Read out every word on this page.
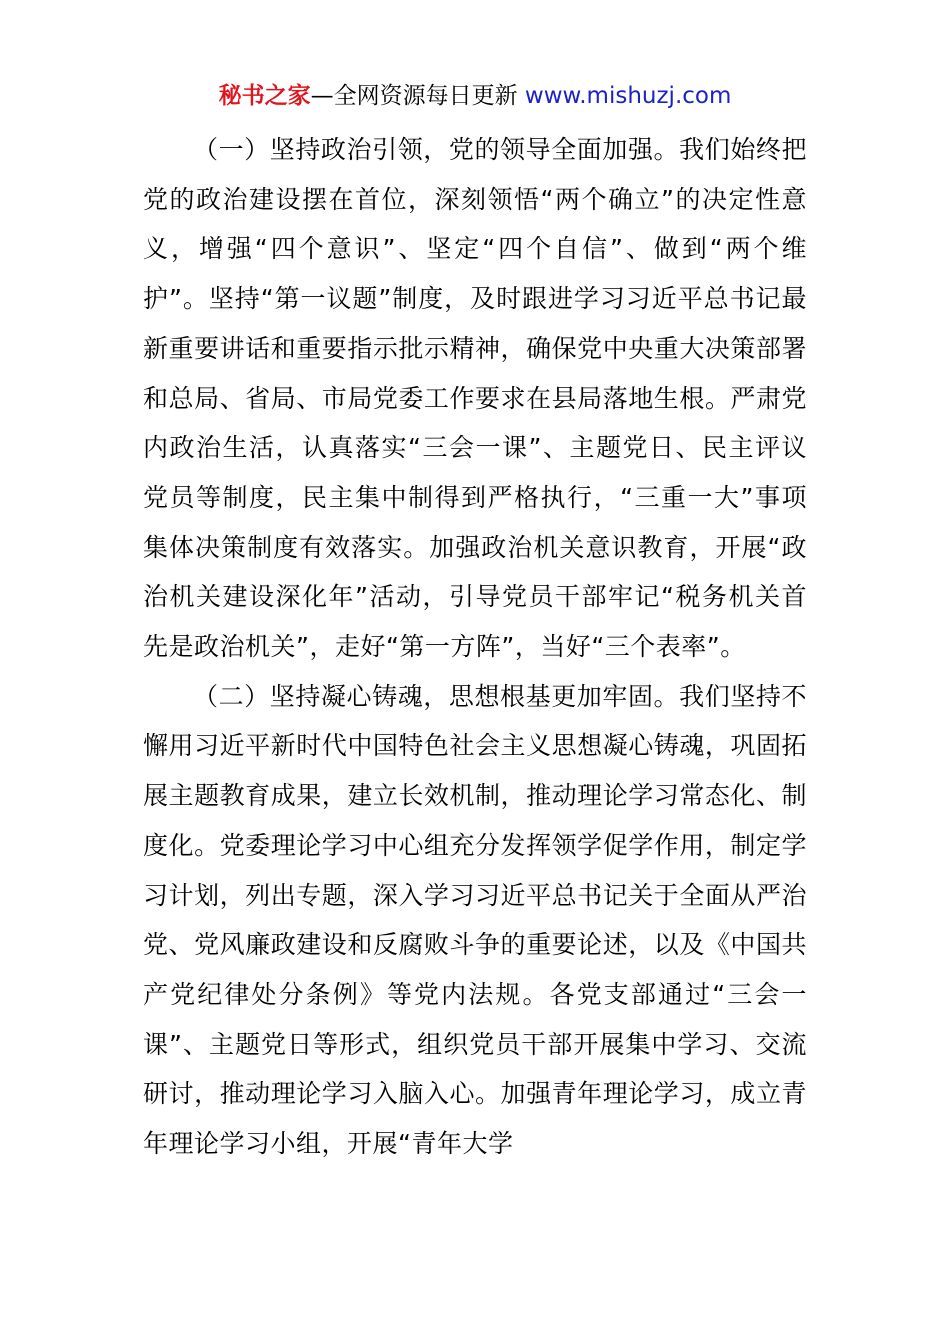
秘书之家—全网资源每日更新 www.mishuzj.com

（一）坚持政治引领，党的领导全面加强。我们始终把党的政治建设摆在首位，深刻领悟“两个确立”的决定性意义，增强“四个意识”、坚定“四个自信”、做到“两个维护”。坚持“第一议题”制度，及时跟进学习习近平总书记最新重要讲话和重要指示批示精神，确保党中央重大决策部署和总局、省局、市局党委工作要求在县局落地生根。严肃党内政治生活，认真落实“三会一课”、主题党日、民主评议党员等制度，民主集中制得到严格执行，“三重一大”事项集体决策制度有效落实。加强政治机关意识教育，开展“政治机关建设深化年”活动，引导党员干部牢记“税务机关首先是政治机关”，走好“第一方阵”，当好“三个表率”。

（二）坚持凝心铸魂，思想根基更加牢固。我们坚持不懈用习近平新时代中国特色社会主义思想凝心铸魂，巩固拓展主题教育成果，建立长效机制，推动理论学习常态化、制度化。党委理论学习中心组充分发挥领学促学作用，制定学习计划，列出专题，深入学习习近平总书记关于全面从严治党、党风廉政建设和反腐败斗争的重要论述，以及《中国共产党纪律处分条例》等党内法规。各党支部通过“三会一课”、主题党日等形式，组织党员干部开展集中学习、交流研讨，推动理论学习入脑入心。加强青年理论学习，成立青年理论学习小组，开展“青年大学
